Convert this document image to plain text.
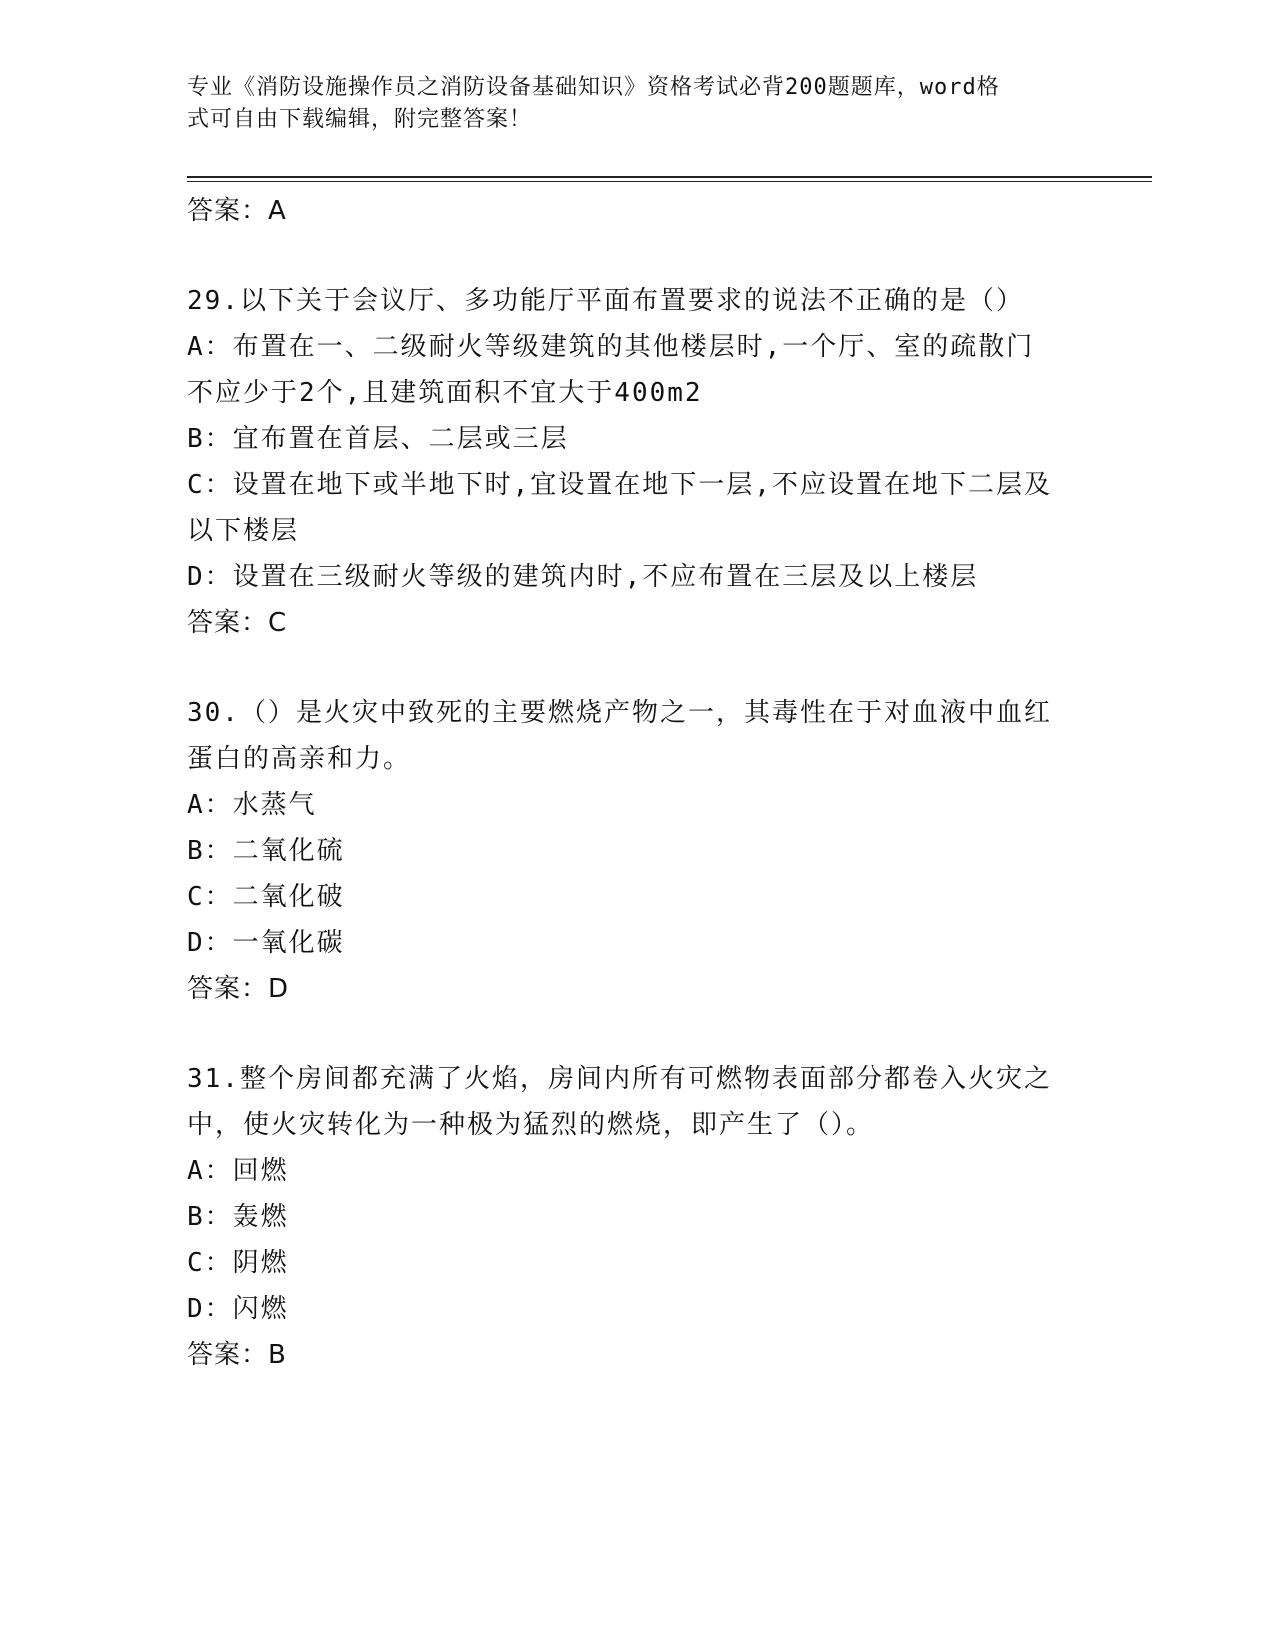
专业《消防设施操作员之消防设备基础知识》资格考试必背200题题库，word格
式可自由下载编辑，附完整答案！
答案：A
29.以下关于会议厅、多功能厅平面布置要求的说法不正确的是（）
A：布置在一、二级耐火等级建筑的其他楼层时,一个厅、室的疏散门
不应少于2个,且建筑面积不宜大于400m2
B：宜布置在首层、二层或三层
C：设置在地下或半地下时,宜设置在地下一层,不应设置在地下二层及
以下楼层
D：设置在三级耐火等级的建筑内时,不应布置在三层及以上楼层
答案：C
30.（）是火灾中致死的主要燃烧产物之一，其毒性在于对血液中血红
蛋白的高亲和力。
A：水蒸气
B：二氧化硫
C：二氧化破
D：一氧化碳
答案：D
31.整个房间都充满了火焰，房间内所有可燃物表面部分都卷入火灾之
中，使火灾转化为一种极为猛烈的燃烧，即产生了（）。
A：回燃
B：轰燃
C：阴燃
D：闪燃
答案：B
